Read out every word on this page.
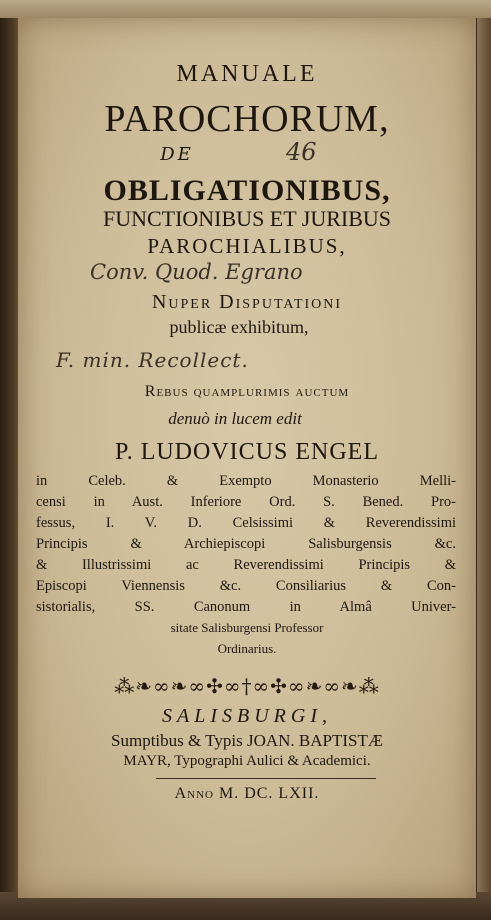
MANUALE
PAROCHORUM,
DE	46
OBLIGATIONIBUS,
FUNCTIONIBUS ET JURIBUS
PAROCHIALIBUS,
Conv. Quod. Egrano
Nuper Disputationi
publicæ exhibitum,
F. min. Recollect.
Rebus quamplurimis auctum
denuò in lucem edit
P. LUDOVICUS ENGEL
in Celeb. & Exempto Monasterio Melli-
censi in Aust. Inferiore Ord. S. Bened. Pro-
fessus, I. V. D. Celsissimi & Reverendissimi
Principis & Archiepiscopi Salisburgensis &c.
& Illustrissimi ac Reverendissimi Principis &
Episcopi Viennensis &c. Consiliarius & Con-
sistorialis, SS. Canonum in Almâ Univer-
sitate Salisburgensi Professor
Ordinarius.
⁂❧∞❧∞✣∞†∞✣∞❧∞❧⁂
SALISBURGI,
Sumptibus & Typis JOAN. BAPTISTÆ
MAYR, Typographi Aulici & Academici.
Anno M. DC. LXII.
